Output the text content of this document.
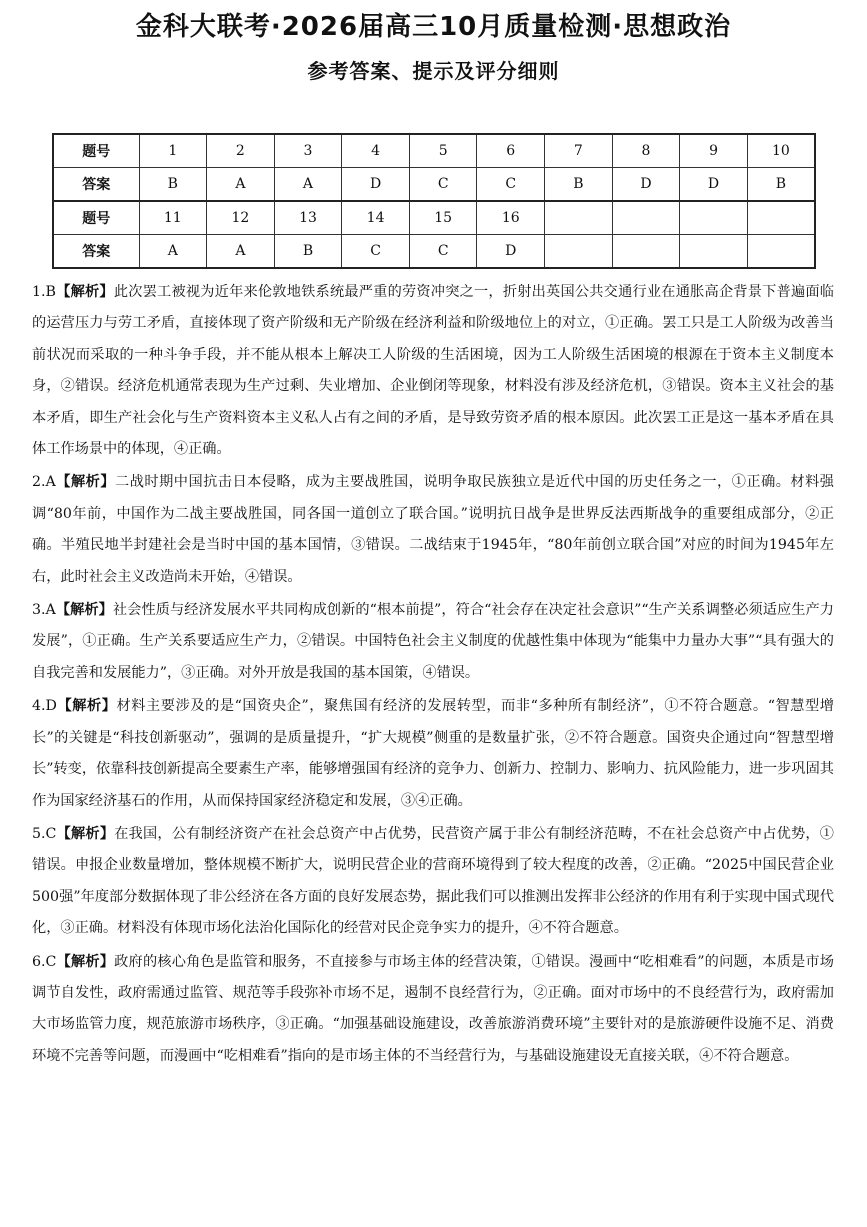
金科大联考·2026届高三10月质量检测·思想政治
参考答案、提示及评分细则
题号	1	2	3	4	5	6	7	8	9	10
答案	B	A	A	D	C	C	B	D	D	B
题号	11	12	13	14	15	16				
答案	A	A	B	C	C	D				
1.B【解析】此次罢工被视为近年来伦敦地铁系统最严重的劳资冲突之一，折射出英国公共交通行业在通胀高企背景下普遍面临的运营压力与劳工矛盾，直接体现了资产阶级和无产阶级在经济利益和阶级地位上的对立，①正确。罢工只是工人阶级为改善当前状况而采取的一种斗争手段，并不能从根本上解决工人阶级的生活困境，因为工人阶级生活困境的根源在于资本主义制度本身，②错误。经济危机通常表现为生产过剩、失业增加、企业倒闭等现象，材料没有涉及经济危机，③错误。资本主义社会的基本矛盾，即生产社会化与生产资料资本主义私人占有之间的矛盾，是导致劳资矛盾的根本原因。此次罢工正是这一基本矛盾在具体工作场景中的体现，④正确。
2.A【解析】二战时期中国抗击日本侵略，成为主要战胜国，说明争取民族独立是近代中国的历史任务之一，①正确。材料强调“80年前，中国作为二战主要战胜国，同各国一道创立了联合国。”说明抗日战争是世界反法西斯战争的重要组成部分，②正确。半殖民地半封建社会是当时中国的基本国情，③错误。二战结束于1945年，“80年前创立联合国”对应的时间为1945年左右，此时社会主义改造尚未开始，④错误。
3.A【解析】社会性质与经济发展水平共同构成创新的“根本前提”，符合“社会存在决定社会意识”“生产关系调整必须适应生产力发展”，①正确。生产关系要适应生产力，②错误。中国特色社会主义制度的优越性集中体现为“能集中力量办大事”“具有强大的自我完善和发展能力”，③正确。对外开放是我国的基本国策，④错误。
4.D【解析】材料主要涉及的是“国资央企”，聚焦国有经济的发展转型，而非“多种所有制经济”，①不符合题意。“智慧型增长”的关键是“科技创新驱动”，强调的是质量提升，“扩大规模”侧重的是数量扩张，②不符合题意。国资央企通过向“智慧型增长”转变，依靠科技创新提高全要素生产率，能够增强国有经济的竞争力、创新力、控制力、影响力、抗风险能力，进一步巩固其作为国家经济基石的作用，从而保持国家经济稳定和发展，③④正确。
5.C【解析】在我国，公有制经济资产在社会总资产中占优势，民营资产属于非公有制经济范畴，不在社会总资产中占优势，①错误。申报企业数量增加，整体规模不断扩大，说明民营企业的营商环境得到了较大程度的改善，②正确。“2025中国民营企业500强”年度部分数据体现了非公经济在各方面的良好发展态势，据此我们可以推测出发挥非公经济的作用有利于实现中国式现代化，③正确。材料没有体现市场化法治化国际化的经营对民企竞争实力的提升，④不符合题意。
6.C【解析】政府的核心角色是监管和服务，不直接参与市场主体的经营决策，①错误。漫画中“吃相难看”的问题，本质是市场调节自发性，政府需通过监管、规范等手段弥补市场不足，遏制不良经营行为，②正确。面对市场中的不良经营行为，政府需加大市场监管力度，规范旅游市场秩序，③正确。“加强基础设施建设，改善旅游消费环境”主要针对的是旅游硬件设施不足、消费环境不完善等问题，而漫画中“吃相难看”指向的是市场主体的不当经营行为，与基础设施建设无直接关联，④不符合题意。
